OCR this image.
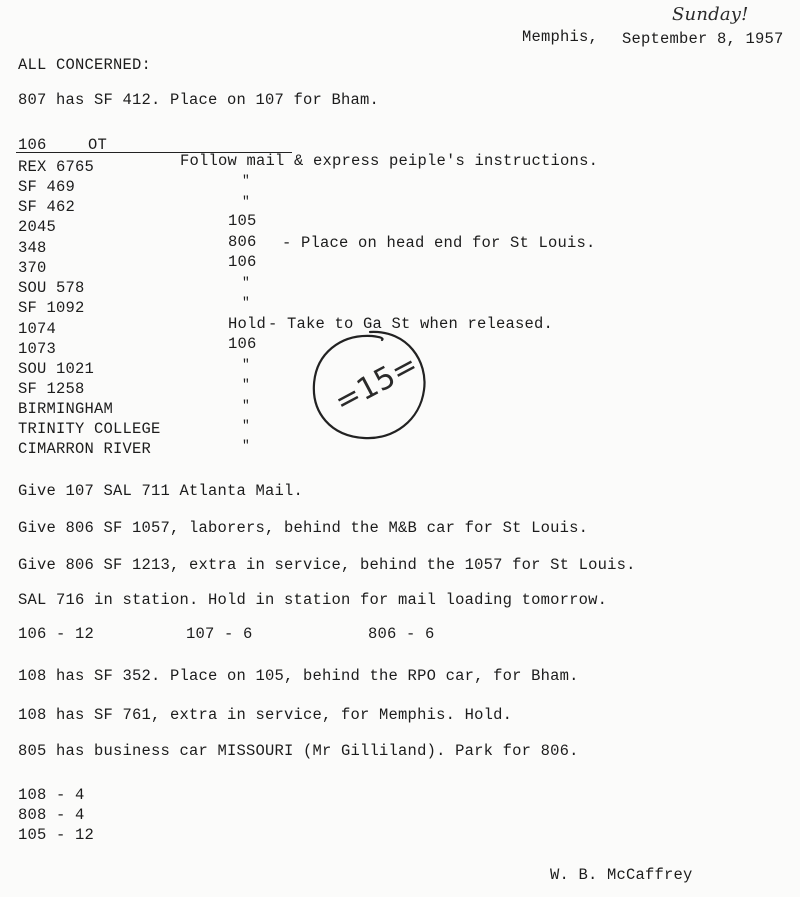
Sunday!
Memphis, September 8, 1957
ALL CONCERNED:
807 has SF 412. Place on 107 for Bham.
106	OT
REX 6765	Follow mail & express peiple's instructions.
SF 469	"
SF 462	"
2045	105
348	806 - Place on head end for St Louis.
370	106
SOU 578	"
SF 1092	"
1074	Hold - Take to Ga St when released.
1073	106
SOU 1021	"
SF 1258	"
BIRMINGHAM	"
TRINITY COLLEGE	"
CIMARRON RIVER	"
=15=
Give 107 SAL 711 Atlanta Mail.
Give 806 SF 1057, laborers, behind the M&B car for St Louis.
Give 806 SF 1213, extra in service, behind the 1057 for St Louis.
SAL 716 in station. Hold in station for mail loading tomorrow.
106 - 12	107 - 6	806 - 6
108 has SF 352. Place on 105, behind the RPO car, for Bham.
108 has SF 761, extra in service, for Memphis. Hold.
805 has business car MISSOURI (Mr Gilliland). Park for 806.
108 - 4
808 - 4
105 - 12
W. B. McCaffrey
